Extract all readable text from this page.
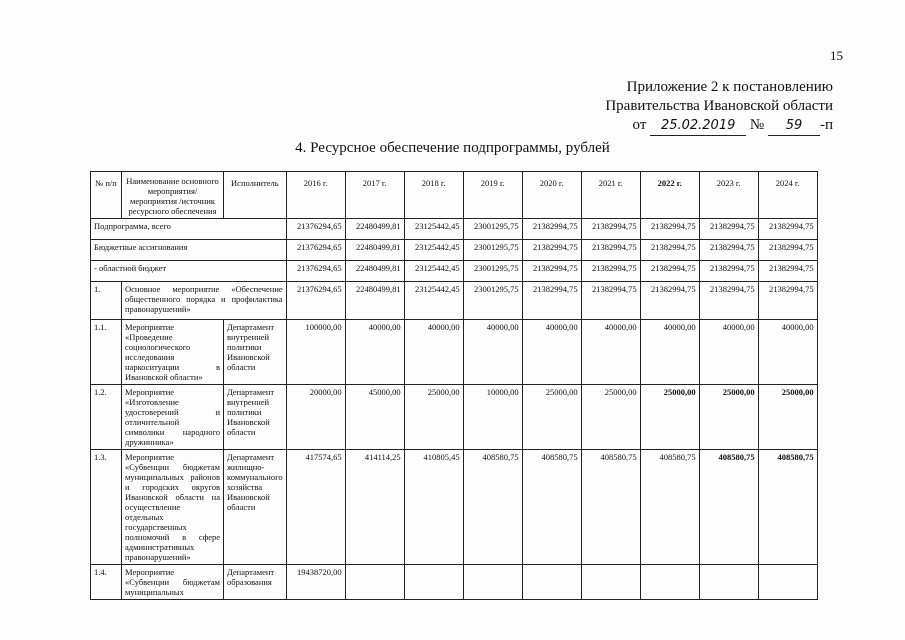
15
Приложение 2 к постановлению
Правительства Ивановской области
от 25.02.2019 № 59 -п
4. Ресурсное обеспечение подпрограммы, рублей
№ п/п	Наименование основного мероприятия/мероприятия /источник ресурсного обеспечения	Исполнитель	2016 г.	2017 г.	2018 г.	2019 г.	2020 г.	2021 г.	2022 г.	2023 г.	2024 г.
Подпрограмма, всего			21376294,65	22480499,81	23125442,45	23001295,75	21382994,75	21382994,75	21382994,75	21382994,75	21382994,75
Бюджетные ассигнования			21376294,65	22480499,81	23125442,45	23001295,75	21382994,75	21382994,75	21382994,75	21382994,75	21382994,75
- областной бюджет			21376294,65	22480499,81	23125442,45	23001295,75	21382994,75	21382994,75	21382994,75	21382994,75	21382994,75
1.	Основное мероприятие «Обеспечение общественного порядка и профилактика правонарушений»		21376294,65	22480499,81	23125442,45	23001295,75	21382994,75	21382994,75	21382994,75	21382994,75	21382994,75
1.1.	Мероприятие «Проведение социологического исследования наркоситуации в Ивановской области»	Департамент внутренней политики Ивановской области	100000,00	40000,00	40000,00	40000,00	40000,00	40000,00	40000,00	40000,00	40000,00
1.2.	Мероприятие «Изготовление удостоверений и отличительной символики народного дружинника»	Департамент внутренней политики Ивановской области	20000,00	45000,00	25000,00	10000,00	25000,00	25000,00	25000,00	25000,00	25000,00
1.3.	Мероприятие «Субвенции бюджетам муниципальных районов и городских округов Ивановской области на осуществление отдельных государственных полномочий в сфере административных правонарушений»	Департамент жилищно-коммунального хозяйства Ивановской области	417574,65	414114,25	410805,45	408580,75	408580,75	408580,75	408580,75	408580,75	408580,75
1.4.	Мероприятие «Субвенции бюджетам муниципальных	Департамент образования	19438720,00								
